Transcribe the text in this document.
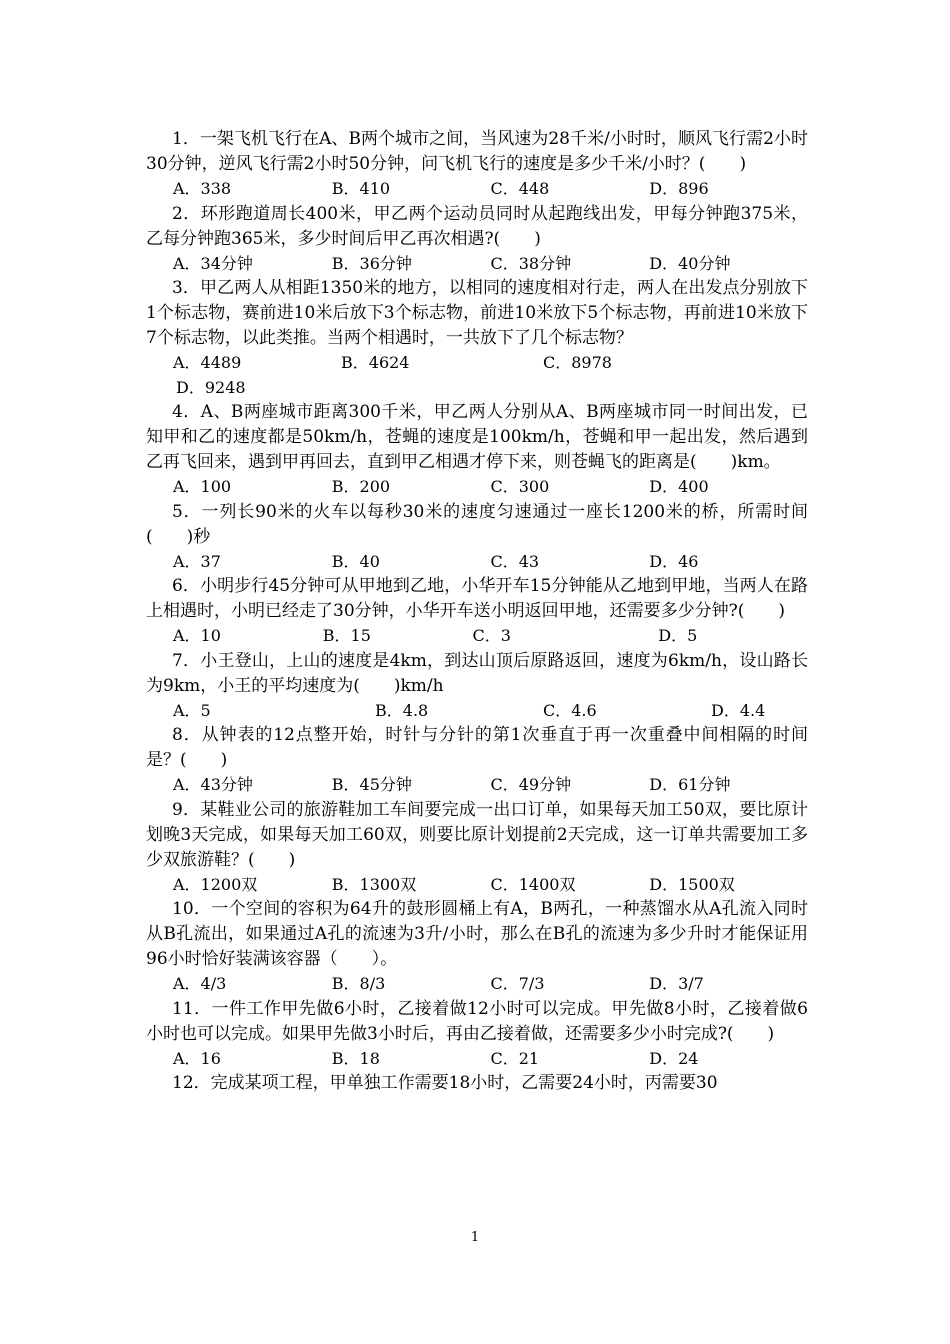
1．一架飞机飞行在A、B两个城市之间，当风速为28千米/小时时，顺风飞行需2小时30分钟，逆风飞行需2小时50分钟，问飞机飞行的速度是多少千米/小时？(　　)

A．338	B．410	C．448	D．896

2．环形跑道周长400米，甲乙两个运动员同时从起跑线出发，甲每分钟跑375米，乙每分钟跑365米，多少时间后甲乙再次相遇?(　　)

A．34分钟	B．36分钟	C．38分钟	D．40分钟

3．甲乙两人从相距1350米的地方，以相同的速度相对行走，两人在出发点分别放下1个标志物，赛前进10米后放下3个标志物，前进10米放下5个标志物，再前进10米放下7个标志物，以此类推。当两个相遇时，一共放下了几个标志物？

A．4489	B．4624	C．8978

D．9248

4．A、B两座城市距离300千米，甲乙两人分别从A、B两座城市同一时间出发，已知甲和乙的速度都是50km/h，苍蝇的速度是100km/h，苍蝇和甲一起出发，然后遇到乙再飞回来，遇到甲再回去，直到甲乙相遇才停下来，则苍蝇飞的距离是(　　)km。

A．100	B．200	C．300	D．400

5．一列长90米的火车以每秒30米的速度匀速通过一座长1200米的桥，所需时间(　　)秒

A．37	B．40	C．43	D．46

6．小明步行45分钟可从甲地到乙地，小华开车15分钟能从乙地到甲地，当两人在路上相遇时，小明已经走了30分钟，小华开车送小明返回甲地，还需要多少分钟?(　　)

A．10	B．15	C．3	D．5

7．小王登山，上山的速度是4km，到达山顶后原路返回，速度为6km/h，设山路长为9km，小王的平均速度为(　　)km/h

A．5	B．4.8	C．4.6	D．4.4

8．从钟表的12点整开始，时针与分针的第1次垂直于再一次重叠中间相隔的时间是？(　　)

A．43分钟	B．45分钟	C．49分钟	D．61分钟

9．某鞋业公司的旅游鞋加工车间要完成一出口订单，如果每天加工50双，要比原计划晚3天完成，如果每天加工60双，则要比原计划提前2天完成，这一订单共需要加工多少双旅游鞋？(　　)

A．1200双	B．1300双	C．1400双	D．1500双

10．一个空间的容积为64升的鼓形圆桶上有A，B两孔，一种蒸馏水从A孔流入同时从B孔流出，如果通过A孔的流速为3升/小时，那么在B孔的流速为多少升时才能保证用96小时恰好装满该容器（　　）。

A．4/3	B．8/3	C．7/3	D．3/7

11．一件工作甲先做6小时，乙接着做12小时可以完成。甲先做8小时，乙接着做6小时也可以完成。如果甲先做3小时后，再由乙接着做，还需要多少小时完成?(　　)

A．16	B．18	C．21	D．24

12．完成某项工程，甲单独工作需要18小时，乙需要24小时，丙需要30

1
